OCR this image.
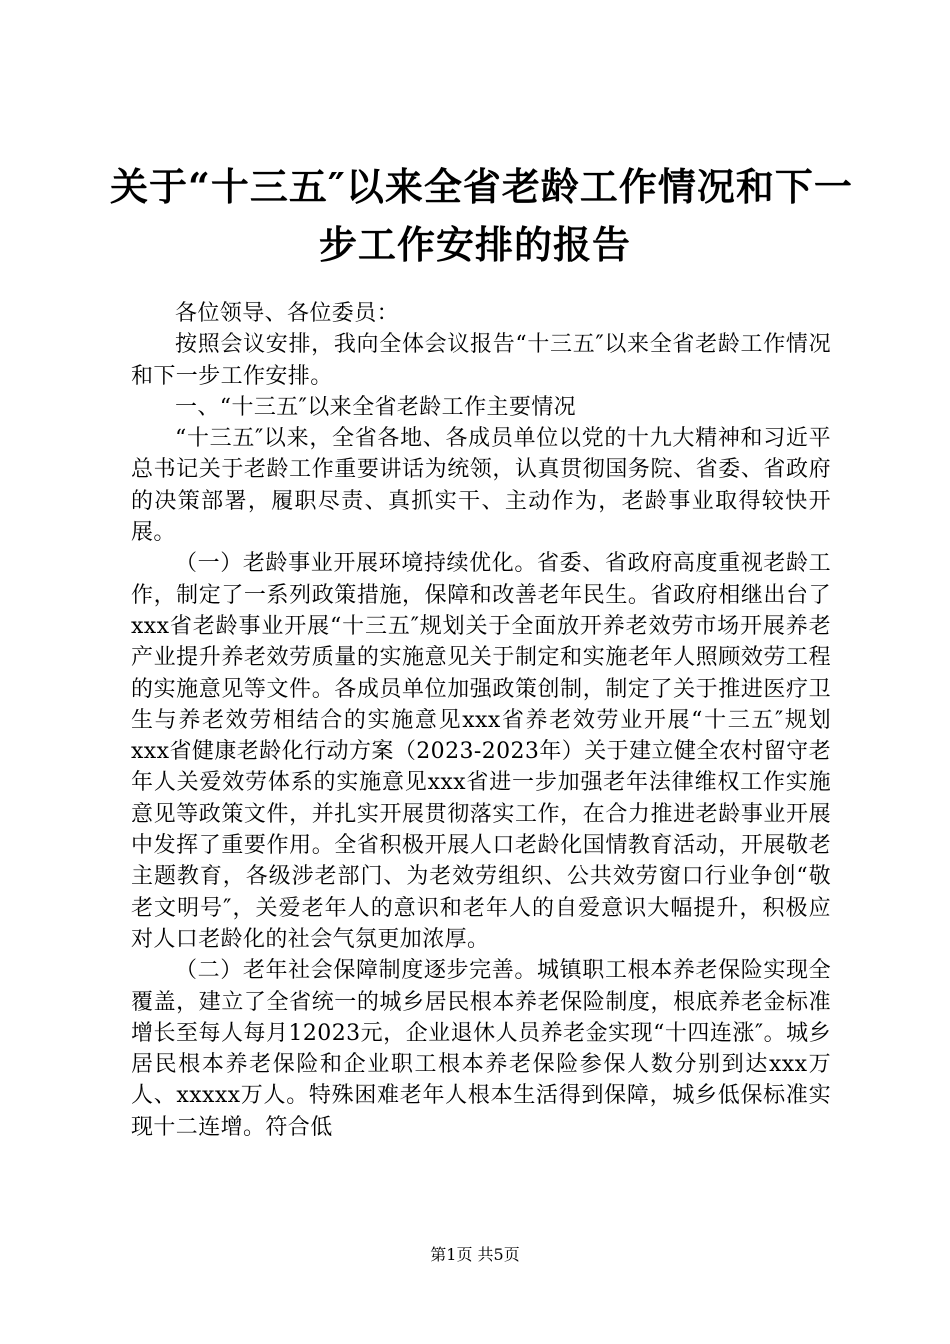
关于“十三五″以来全省老龄工作情况和下一
步工作安排的报告

各位领导、各位委员：

按照会议安排，我向全体会议报告“十三五″以来全省老龄工作情况和下一步工作安排。

一、“十三五″以来全省老龄工作主要情况

“十三五″以来，全省各地、各成员单位以党的十九大精神和习近平总书记关于老龄工作重要讲话为统领，认真贯彻国务院、省委、省政府的决策部署，履职尽责、真抓实干、主动作为，老龄事业取得较快开展。

（一）老龄事业开展环境持续优化。省委、省政府高度重视老龄工作，制定了一系列政策措施，保障和改善老年民生。省政府相继出台了xxx省老龄事业开展“十三五″规划关于全面放开养老效劳市场开展养老产业提升养老效劳质量的实施意见关于制定和实施老年人照顾效劳工程的实施意见等文件。各成员单位加强政策创制，制定了关于推进医疗卫生与养老效劳相结合的实施意见xxx省养老效劳业开展“十三五″规划xxx省健康老龄化行动方案（2023-2023年）关于建立健全农村留守老年人关爱效劳体系的实施意见xxx省进一步加强老年法律维权工作实施意见等政策文件，并扎实开展贯彻落实工作，在合力推进老龄事业开展中发挥了重要作用。全省积极开展人口老龄化国情教育活动，开展敬老主题教育，各级涉老部门、为老效劳组织、公共效劳窗口行业争创“敬老文明号″，关爱老年人的意识和老年人的自爱意识大幅提升，积极应对人口老龄化的社会气氛更加浓厚。

（二）老年社会保障制度逐步完善。城镇职工根本养老保险实现全覆盖，建立了全省统一的城乡居民根本养老保险制度，根底养老金标准增长至每人每月12023元，企业退休人员养老金实现“十四连涨″。城乡居民根本养老保险和企业职工根本养老保险参保人数分别到达xxx万人、xxxxx万人。特殊困难老年人根本生活得到保障，城乡低保标准实现十二连增。符合低

第1页 共5页
